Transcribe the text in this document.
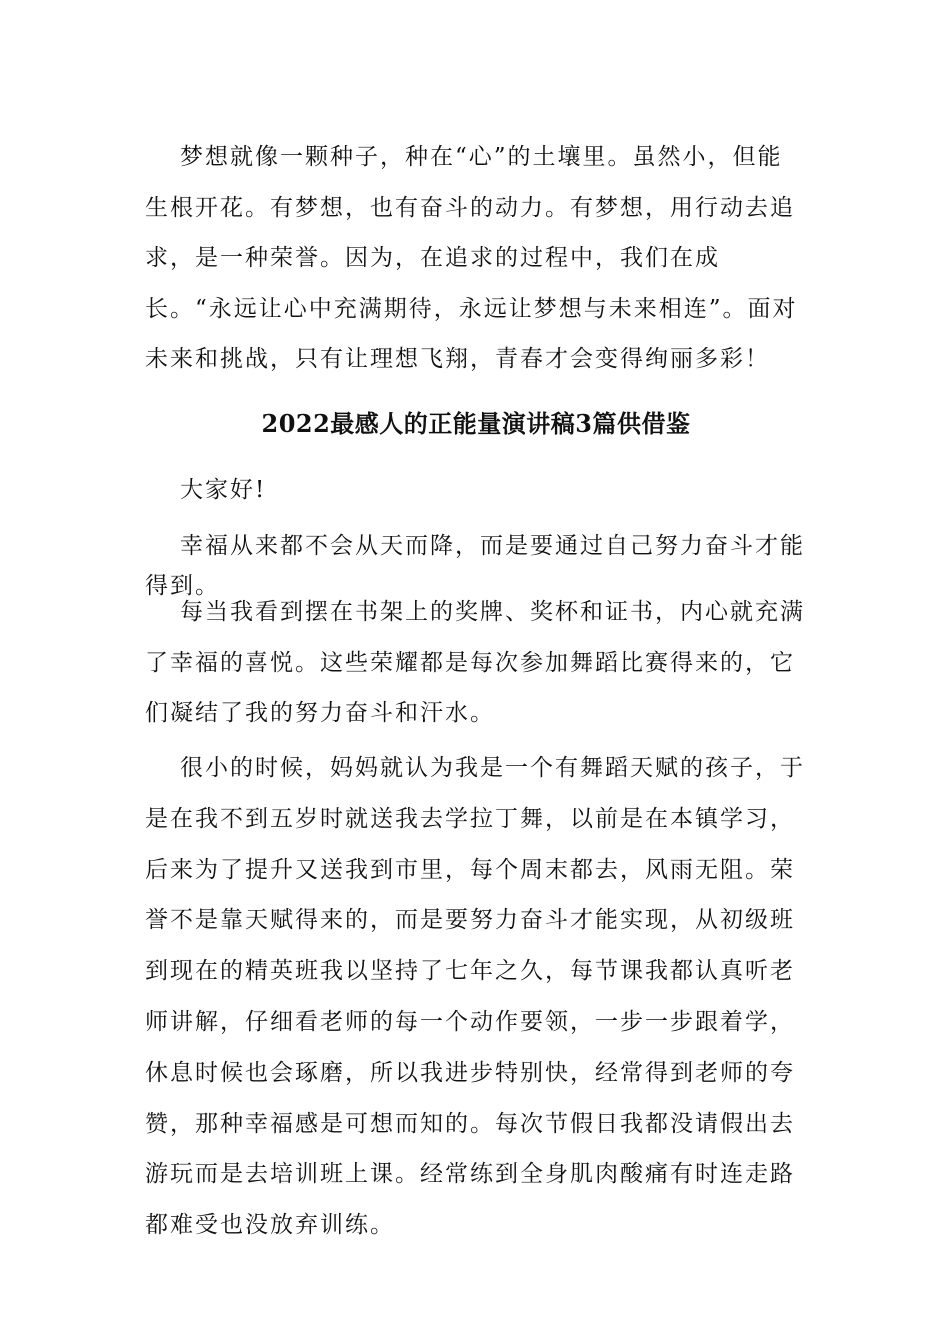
梦想就像一颗种子，种在“心”的土壤里。虽然小，但能生根开花。有梦想，也有奋斗的动力。有梦想，用行动去追求，是一种荣誉。因为，在追求的过程中，我们在成长。“永远让心中充满期待，永远让梦想与未来相连”。面对未来和挑战，只有让理想飞翔，青春才会变得绚丽多彩！

2022最感人的正能量演讲稿3篇供借鉴

大家好!

幸福从来都不会从天而降，而是要通过自己努力奋斗才能得到。

每当我看到摆在书架上的奖牌、奖杯和证书，内心就充满了幸福的喜悦。这些荣耀都是每次参加舞蹈比赛得来的，它们凝结了我的努力奋斗和汗水。

很小的时候，妈妈就认为我是一个有舞蹈天赋的孩子，于是在我不到五岁时就送我去学拉丁舞，以前是在本镇学习，后来为了提升又送我到市里，每个周末都去，风雨无阻。荣誉不是靠天赋得来的，而是要努力奋斗才能实现，从初级班到现在的精英班我以坚持了七年之久，每节课我都认真听老师讲解，仔细看老师的每一个动作要领，一步一步跟着学，休息时候也会琢磨，所以我进步特别快，经常得到老师的夸赞，那种幸福感是可想而知的。每次节假日我都没请假出去游玩而是去培训班上课。经常练到全身肌肉酸痛有时连走路都难受也没放弃训练。
